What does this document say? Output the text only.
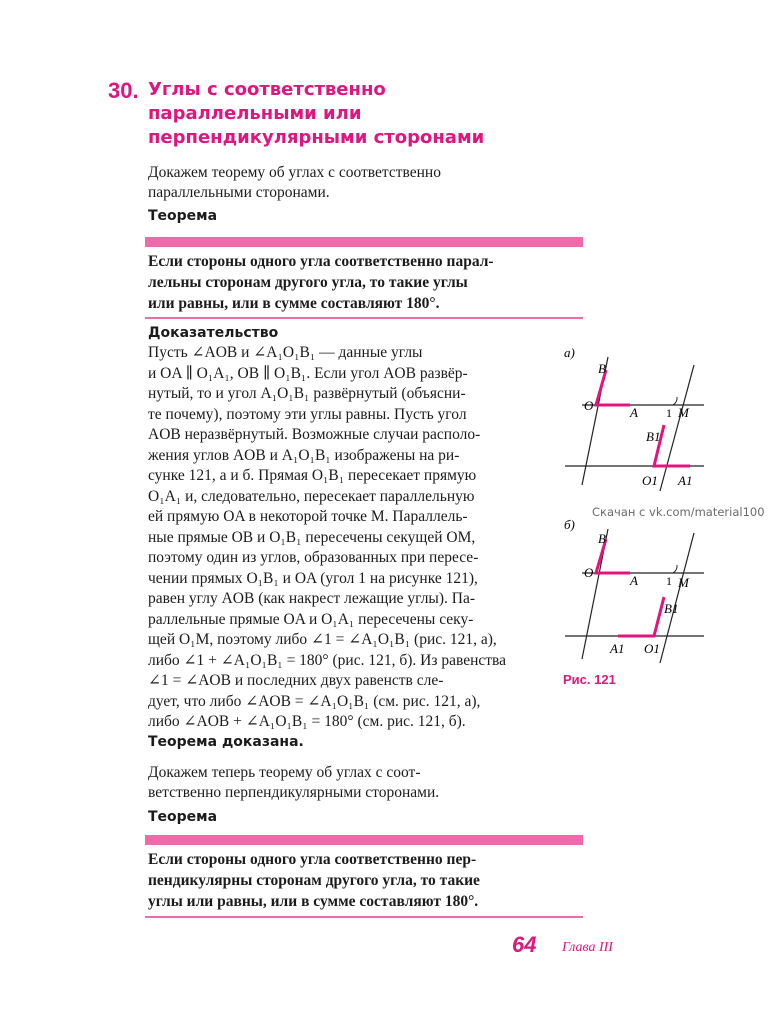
30. Углы с соответственно
параллельными или
перпендикулярными сторонами
Докажем теорему об углах с соответственно
параллельными сторонами.
Теорема
Если стороны одного угла соответственно парал-
лельны сторонам другого угла, то такие углы
или равны, или в сумме составляют 180°.
Доказательство

Пусть ∠AOB и ∠A₁O₁B₁ — данные углы

и OA ∥ O₁A₁, OB ∥ O₁B₁. Если угол AOB развёр-

нутый, то и угол A₁O₁B₁ развёрнутый (объясни-

те почему), поэтому эти углы равны. Пусть угол

AOB неразвёрнутый. Возможные случаи располо-

жения углов AOB и A₁O₁B₁ изображены на ри-

сунке 121, а и б. Прямая O₁B₁ пересекает прямую

O₁A₁ и, следовательно, пересекает параллельную

ей прямую OA в некоторой точке M. Параллель-

ные прямые OB и O₁B₁ пересечены секущей OM,

поэтому один из углов, образованных при пересе-

чении прямых O₁B₁ и OA (угол 1 на рисунке 121),

равен углу AOB (как накрест лежащие углы). Па-

раллельные прямые OA и O₁A₁ пересечены секу-

щей O₁M, поэтому либо ∠1 = ∠A₁O₁B₁ (рис. 121, а),

либо ∠1 + ∠A₁O₁B₁ = 180° (рис. 121, б). Из равенства

∠1 = ∠AOB и последних двух равенств сле-

дует, что либо ∠AOB = ∠A₁O₁B₁ (см. рис. 121, а),

либо ∠AOB + ∠A₁O₁B₁ = 180° (см. рис. 121, б).

Теорема доказана.
Докажем теперь теорему об углах с соот-
ветственно перпендикулярными сторонами.
Теорема
Если стороны одного угла соответственно пер-
пендикулярны сторонам другого угла, то такие
углы или равны, или в сумме составляют 180°.
а)
B
O	A 1 M
B1
O1 A1
Скачан с vk.com/material100
б)
B
O
A 1 M
B1
A1 O1
Рис. 121
64 Глава III
